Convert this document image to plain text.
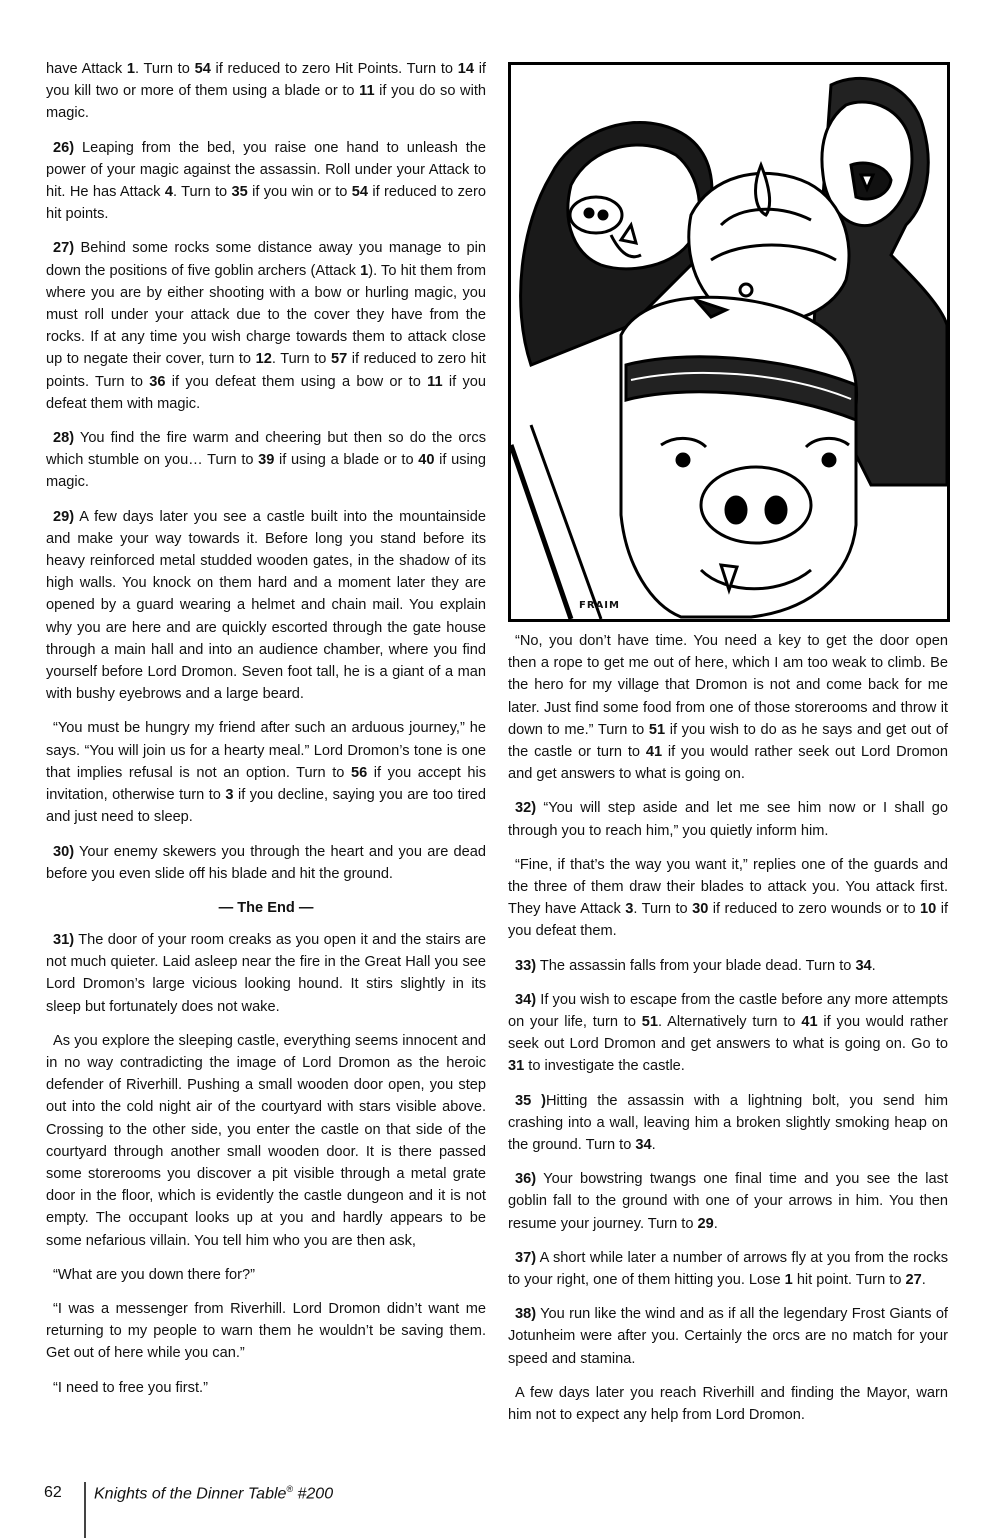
have Attack 1. Turn to 54 if reduced to zero Hit Points. Turn to 14 if you kill two or more of them using a blade or to 11 if you do so with magic.

26) Leaping from the bed, you raise one hand to unleash the power of your magic against the assassin. Roll under your Attack to hit. He has Attack 4. Turn to 35 if you win or to 54 if reduced to zero hit points.

27) Behind some rocks some distance away you manage to pin down the positions of five goblin archers (Attack 1). To hit them from where you are by either shooting with a bow or hurling magic, you must roll under your attack due to the cover they have from the rocks. If at any time you wish charge towards them to attack close up to negate their cover, turn to 12. Turn to 57 if reduced to zero hit points. Turn to 36 if you defeat them using a bow or to 11 if you defeat them with magic.

28) You find the fire warm and cheering but then so do the orcs which stumble on you… Turn to 39 if using a blade or to 40 if using magic.

29) A few days later you see a castle built into the mountainside and make your way towards it. Before long you stand before its heavy reinforced metal studded wooden gates, in the shadow of its high walls. You knock on them hard and a moment later they are opened by a guard wearing a helmet and chain mail. You explain why you are here and are quickly escorted through the gate house through a main hall and into an audience chamber, where you find yourself before Lord Dromon. Seven foot tall, he is a giant of a man with bushy eyebrows and a large beard.

“You must be hungry my friend after such an arduous journey,” he says. “You will join us for a hearty meal.” Lord Dromon’s tone is one that implies refusal is not an option. Turn to 56 if you accept his invitation, otherwise turn to 3 if you decline, saying you are too tired and just need to sleep.

30) Your enemy skewers you through the heart and you are dead before you even slide off his blade and hit the ground.

— The End —

31) The door of your room creaks as you open it and the stairs are not much quieter. Laid asleep near the fire in the Great Hall you see Lord Dromon’s large vicious looking hound. It stirs slightly in its sleep but fortunately does not wake.

As you explore the sleeping castle, everything seems innocent and in no way contradicting the image of Lord Dromon as the heroic defender of Riverhill. Pushing a small wooden door open, you step out into the cold night air of the courtyard with stars visible above. Crossing to the other side, you enter the castle on that side of the courtyard through another small wooden door. It is there passed some storerooms you discover a pit visible through a metal grate door in the floor, which is evidently the castle dungeon and it is not empty. The occupant looks up at you and hardly appears to be some nefarious villain. You tell him who you are then ask,

“What are you down there for?”

“I was a messenger from Riverhill. Lord Dromon didn’t want me returning to my people to warn them he wouldn’t be saving them. Get out of here while you can.”

“I need to free you first.”

FRAIM

“No, you don’t have time. You need a key to get the door open then a rope to get me out of here, which I am too weak to climb. Be the hero for my village that Dromon is not and come back for me later. Just find some food from one of those storerooms and throw it down to me.” Turn to 51 if you wish to do as he says and get out of the castle or turn to 41 if you would rather seek out Lord Dromon and get answers to what is going on.

32) “You will step aside and let me see him now or I shall go through you to reach him,” you quietly inform him.

“Fine, if that’s the way you want it,” replies one of the guards and the three of them draw their blades to attack you. You attack first. They have Attack 3. Turn to 30 if reduced to zero wounds or to 10 if you defeat them.

33) The assassin falls from your blade dead. Turn to 34.

34) If you wish to escape from the castle before any more attempts on your life, turn to 51. Alternatively turn to 41 if you would rather seek out Lord Dromon and get answers to what is going on. Go to 31 to investigate the castle.

35 )Hitting the assassin with a lightning bolt, you send him crashing into a wall, leaving him a broken slightly smoking heap on the ground. Turn to 34.

36) Your bowstring twangs one final time and you see the last goblin fall to the ground with one of your arrows in him. You then resume your journey. Turn to 29.

37) A short while later a number of arrows fly at you from the rocks to your right, one of them hitting you. Lose 1 hit point. Turn to 27.

38) You run like the wind and as if all the legendary Frost Giants of Jotunheim were after you. Certainly the orcs are no match for your speed and stamina.

A few days later you reach Riverhill and finding the Mayor, warn him not to expect any help from Lord Dromon.

62 Knights of the Dinner Table® #200
